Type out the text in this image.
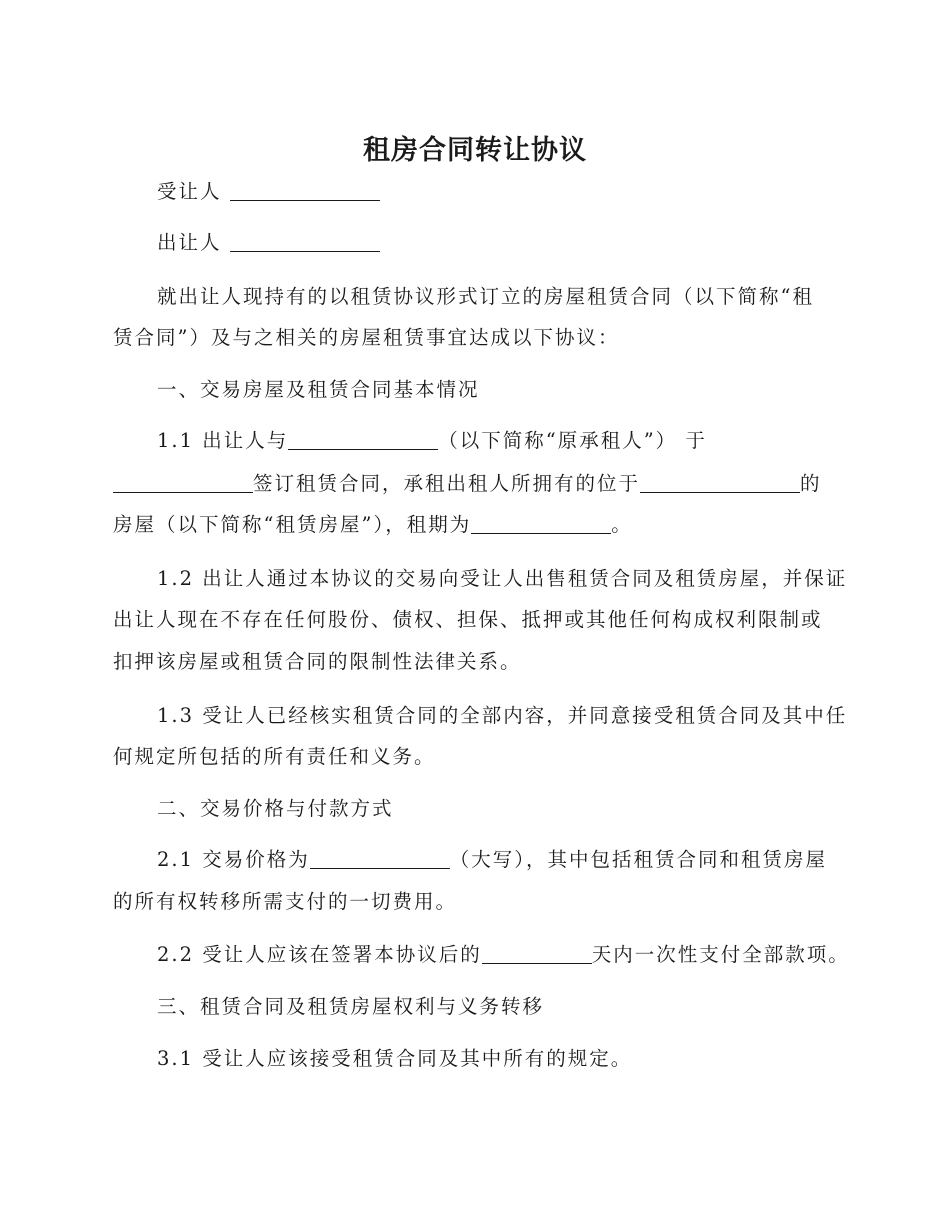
租房合同转让协议
受让人
出让人
就出让人现持有的以租赁协议形式订立的房屋租赁合同（以下简称“租
赁合同”）及与之相关的房屋租赁事宜达成以下协议：
一、交易房屋及租赁合同基本情况
1.1 出让人与	（以下简称“原承租人”） 于
签订租赁合同，承租出租人所拥有的位于	的
房屋（以下简称“租赁房屋”），租期为	。
1.2 出让人通过本协议的交易向受让人出售租赁合同及租赁房屋，并保证
出让人现在不存在任何股份、债权、担保、抵押或其他任何构成权利限制或
扣押该房屋或租赁合同的限制性法律关系。
1.3 受让人已经核实租赁合同的全部内容，并同意接受租赁合同及其中任
何规定所包括的所有责任和义务。
二、交易价格与付款方式
2.1 交易价格为	（大写），其中包括租赁合同和租赁房屋
的所有权转移所需支付的一切费用。
2.2 受让人应该在签署本协议后的	天内一次性支付全部款项。
三、租赁合同及租赁房屋权利与义务转移
3.1 受让人应该接受租赁合同及其中所有的规定。
